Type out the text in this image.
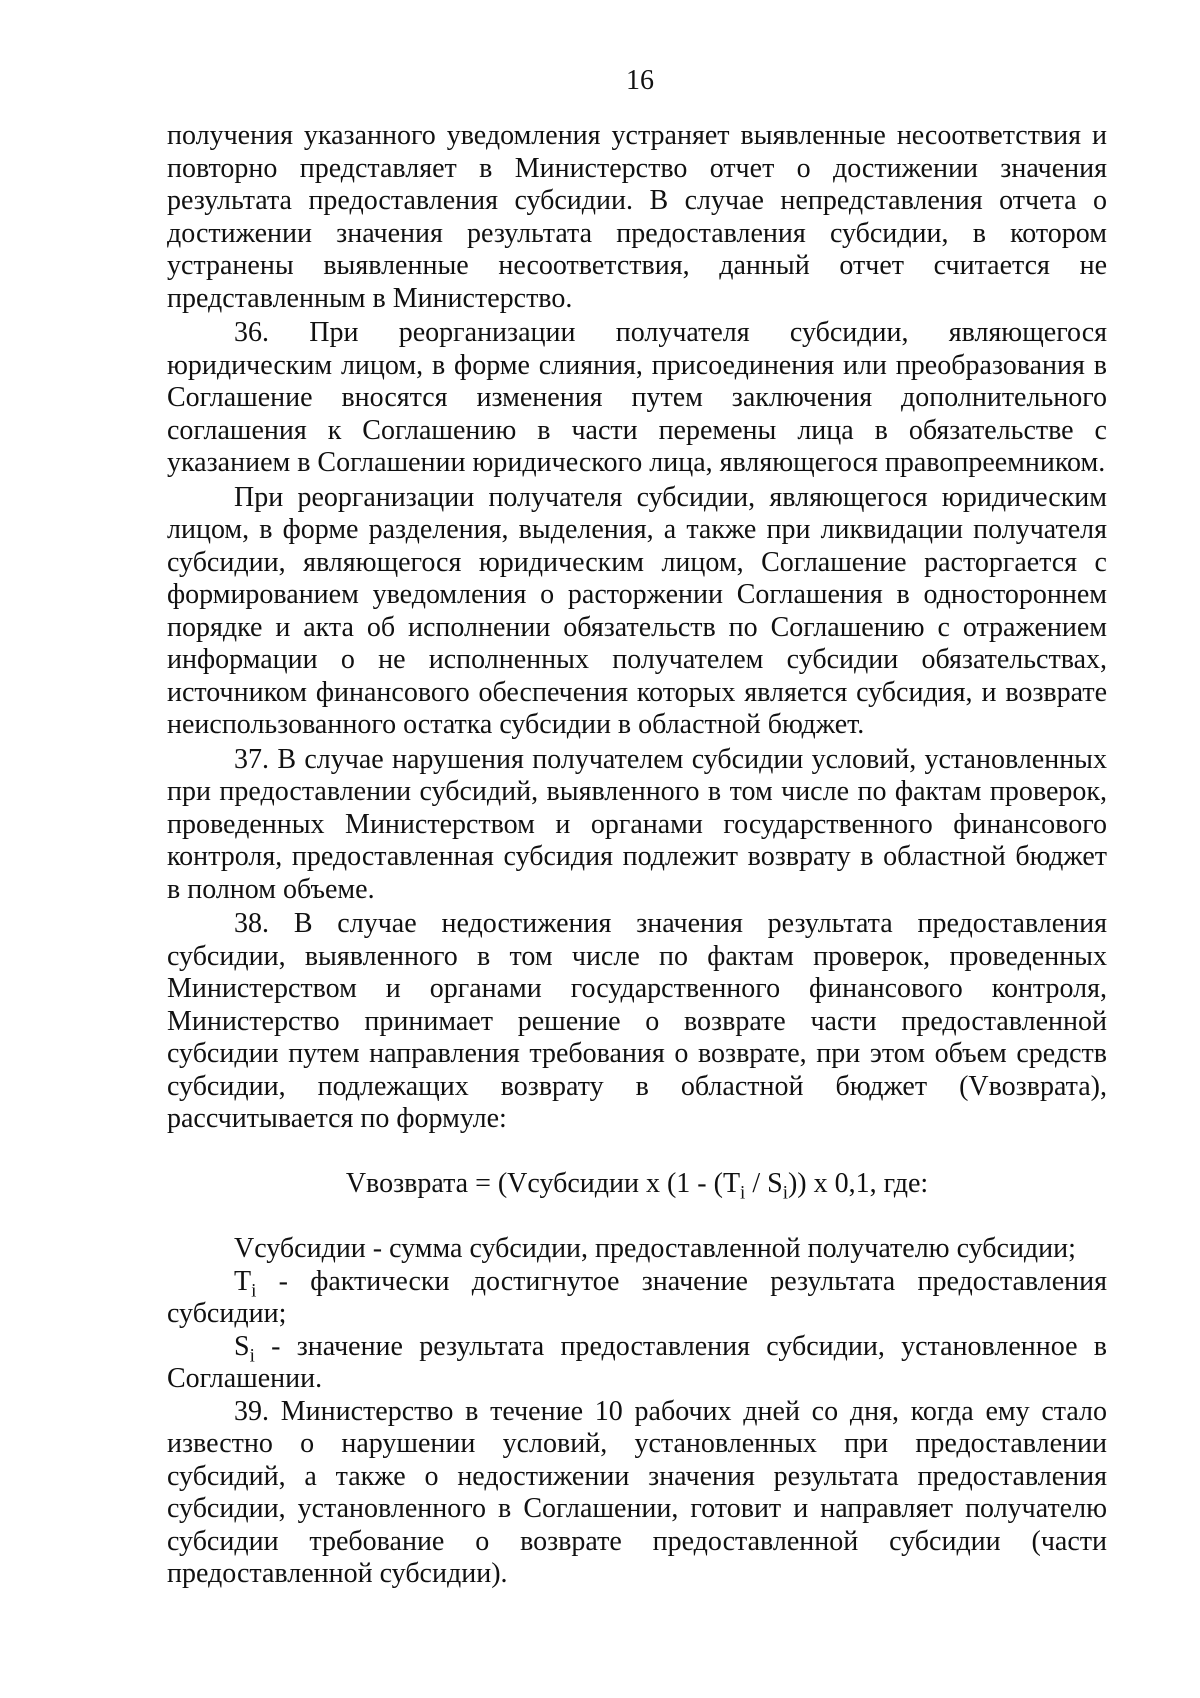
16

получения указанного уведомления устраняет выявленные несоответствия и повторно представляет в Министерство отчет о достижении значения результата предоставления субсидии. В случае непредставления отчета о достижении значения результата предоставления субсидии, в котором устранены выявленные несоответствия, данный отчет считается не представленным в Министерство.

36. При реорганизации получателя субсидии, являющегося юридическим лицом, в форме слияния, присоединения или преобразования в Соглашение вносятся изменения путем заключения дополнительного соглашения к Соглашению в части перемены лица в обязательстве с указанием в Соглашении юридического лица, являющегося правопреемником.

При реорганизации получателя субсидии, являющегося юридическим лицом, в форме разделения, выделения, а также при ликвидации получателя субсидии, являющегося юридическим лицом, Соглашение расторгается с формированием уведомления о расторжении Соглашения в одностороннем порядке и акта об исполнении обязательств по Соглашению с отражением информации о не исполненных получателем субсидии обязательствах, источником финансового обеспечения которых является субсидия, и возврате неиспользованного остатка субсидии в областной бюджет.

37. В случае нарушения получателем субсидии условий, установленных при предоставлении субсидий, выявленного в том числе по фактам проверок, проведенных Министерством и органами государственного финансового контроля, предоставленная субсидия подлежит возврату в областной бюджет в полном объеме.

38. В случае недостижения значения результата предоставления субсидии, выявленного в том числе по фактам проверок, проведенных Министерством и органами государственного финансового контроля, Министерство принимает решение о возврате части предоставленной субсидии путем направления требования о возврате, при этом объем средств субсидии, подлежащих возврату в областной бюджет (Vвозврата), рассчитывается по формуле:

Vвозврата = (Vсубсидии x $(1 - (T_i / S_i))$ x 0,1, где:

Vсубсидии - сумма субсидии, предоставленной получателю субсидии;

$T_i$ - фактически достигнутое значение результата предоставления субсидии;

$S_i$ - значение результата предоставления субсидии, установленное в Соглашении.

39. Министерство в течение 10 рабочих дней со дня, когда ему стало известно о нарушении условий, установленных при предоставлении субсидий, а также о недостижении значения результата предоставления субсидии, установленного в Соглашении, готовит и направляет получателю субсидии требование о возврате предоставленной субсидии (части предоставленной субсидии).
